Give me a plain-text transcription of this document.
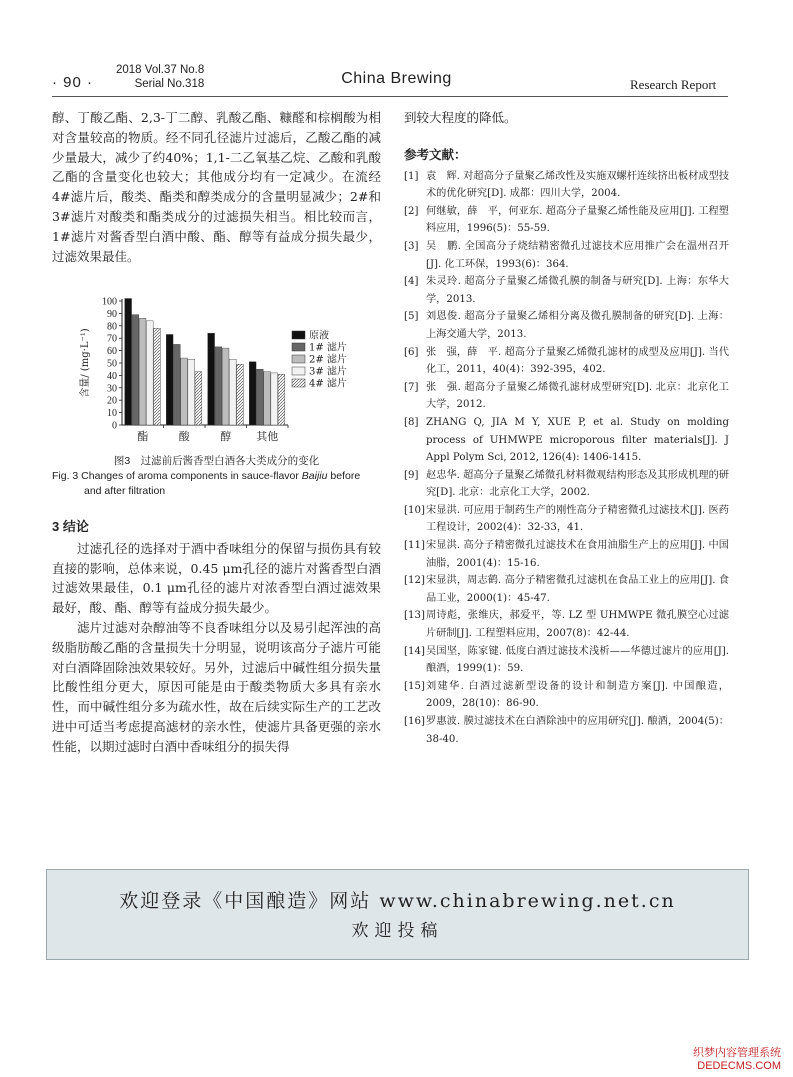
· 90 ·
2018 Vol.37 No.8
Serial No.318	China Brewing	Research Report

醇、丁酸乙酯、2,3-丁二醇、乳酸乙酯、糠醛和棕榈酸为相对含量较高的物质。经不同孔径滤片过滤后，乙酸乙酯的减少量最大，减少了约40%；1,1-二乙氧基乙烷、乙酸和乳酸乙酯的含量变化也较大；其他成分均有一定减少。在流经4#滤片后，酸类、酯类和醇类成分的含量明显减少；2#和3#滤片对酸类和酯类成分的过滤损失相当。相比较而言，1#滤片对酱香型白酒中酸、酯、醇等有益成分损失最少，过滤效果最佳。

0
10
20
30
40
50
60
70
80
90
100
含量/ (mg·L⁻¹)
酯	酸	醇 其他
原液
1# 滤片
2# 滤片
3# 滤片
4# 滤片
图3　过滤前后酱香型白酒各大类成分的变化
Fig. 3 Changes of aroma components in sauce-flavor Baijiu before
and after filtration
3 结论

过滤孔径的选择对于酒中香味组分的保留与损伤具有较直接的影响，总体来说，0.45 μm孔径的滤片对酱香型白酒过滤效果最佳，0.1 μm孔径的滤片对浓香型白酒过滤效果最好，酸、酯、醇等有益成分损失最少。

滤片过滤对杂醇油等不良香味组分以及易引起浑浊的高级脂肪酸乙酯的含量损失十分明显，说明该高分子滤片可能对白酒降固除浊效果较好。另外，过滤后中碱性组分损失量比酸性组分更大，原因可能是由于酸类物质大多具有亲水性，而中碱性组分多为疏水性，故在后续实际生产的工艺改进中可适当考虑提高滤材的亲水性，使滤片具备更强的亲水性能，以期过滤时白酒中香味组分的损失得

到较大程度的降低。

参考文献：
[1] 袁　辉. 对超高分子量聚乙烯改性及实施双螺杆连续挤出板材成型技术的优化研究[D]. 成都：四川大学，2004.
[2] 何继敏，薛　平，何亚东. 超高分子量聚乙烯性能及应用[J]. 工程塑料应用，1996(5)：55-59.
[3] 吴　鹏. 全国高分子烧结精密微孔过滤技术应用推广会在温州召开[J]. 化工环保，1993(6)：364.
[4] 朱灵玲. 超高分子量聚乙烯微孔膜的制备与研究[D]. 上海：东华大学，2013.
[5] 刘恩俊. 超高分子量聚乙烯相分离及微孔膜制备的研究[D]. 上海：上海交通大学，2013.
[6] 张　强，薛　平. 超高分子量聚乙烯微孔滤材的成型及应用[J]. 当代化工，2011，40(4)：392-395，402.
[7] 张　强. 超高分子量聚乙烯微孔滤材成型研究[D]. 北京：北京化工大学，2012.
[8] ZHANG Q, JIA M Y, XUE P, et al. Study on molding process of UHMWPE microporous filter materials[J]. J Appl Polym Sci, 2012, 126(4): 1406-1415.
[9] 赵忠华. 超高分子量聚乙烯微孔材料微观结构形态及其形成机理的研究[D]. 北京：北京化工大学，2002.
[10] 宋显洪. 可应用于制药生产的刚性高分子精密微孔过滤技术[J]. 医药工程设计，2002(4)：32-33，41.
[11] 宋显洪. 高分子精密微孔过滤技术在食用油脂生产上的应用[J]. 中国油脂，2001(4)：15-16.
[12] 宋显洪，周志鹤. 高分子精密微孔过滤机在食品工业上的应用[J]. 食品工业，2000(1)：45-47.
[13] 周诗彪，张维庆，郝爱平，等. LZ 型 UHMWPE 微孔膜空心过滤片研制[J]. 工程塑料应用，2007(8)：42-44.
[14] 吴国坚，陈家键. 低度白酒过滤技术浅析——华德过滤片的应用[J]. 酿酒，1999(1)：59.
[15] 刘建华. 白酒过滤新型设备的设计和制造方案[J]. 中国酿造，2009，28(10)：86-90.
[16] 罗惠波. 膜过滤技术在白酒除浊中的应用研究[J]. 酿酒，2004(5)：38-40.
欢迎登录《中国酿造》网站 www.chinabrewing.net.cn
欢迎投稿
织梦内容管理系统
DEDECMS.COM
